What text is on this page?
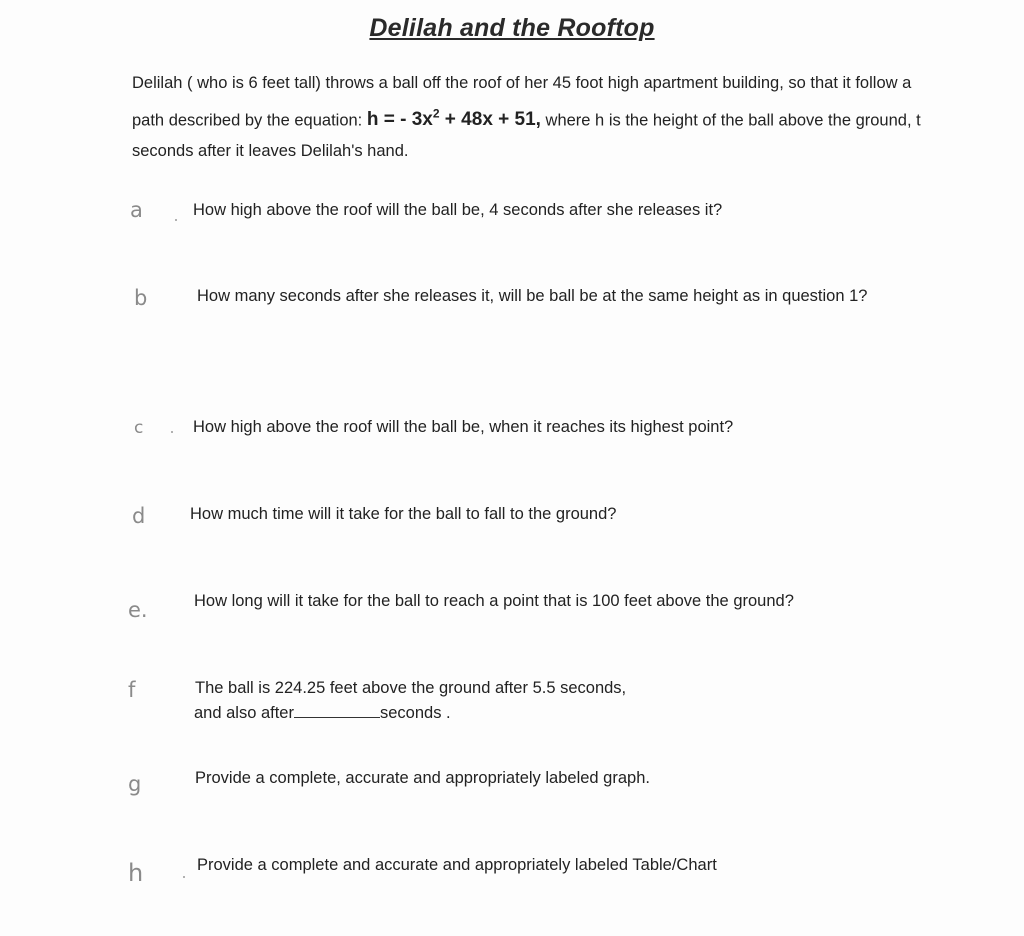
Delilah and the Rooftop
Delilah ( who is 6 feet tall) throws a ball off the roof of her 45 foot high apartment building, so that it follow a path described by the equation: h = - $3x^2 + 48x + 51$, where h is the height of the ball above the ground, t seconds after it leaves Delilah's hand.
a	How high above the roof will the ball be, 4 seconds after she releases it?
b	How many seconds after she releases it, will be ball be at the same height as in question 1?
c	How high above the roof will the ball be, when it reaches its highest point?
d	How much time will it take for the ball to fall to the ground?
e.	How long will it take for the ball to reach a point that is 100 feet above the ground?
f	The ball is 224.25 feet above the ground after 5.5 seconds,
and also after	seconds .
g	Provide a complete, accurate and appropriately labeled graph.
h	Provide a complete and accurate and appropriately labeled Table/Chart
